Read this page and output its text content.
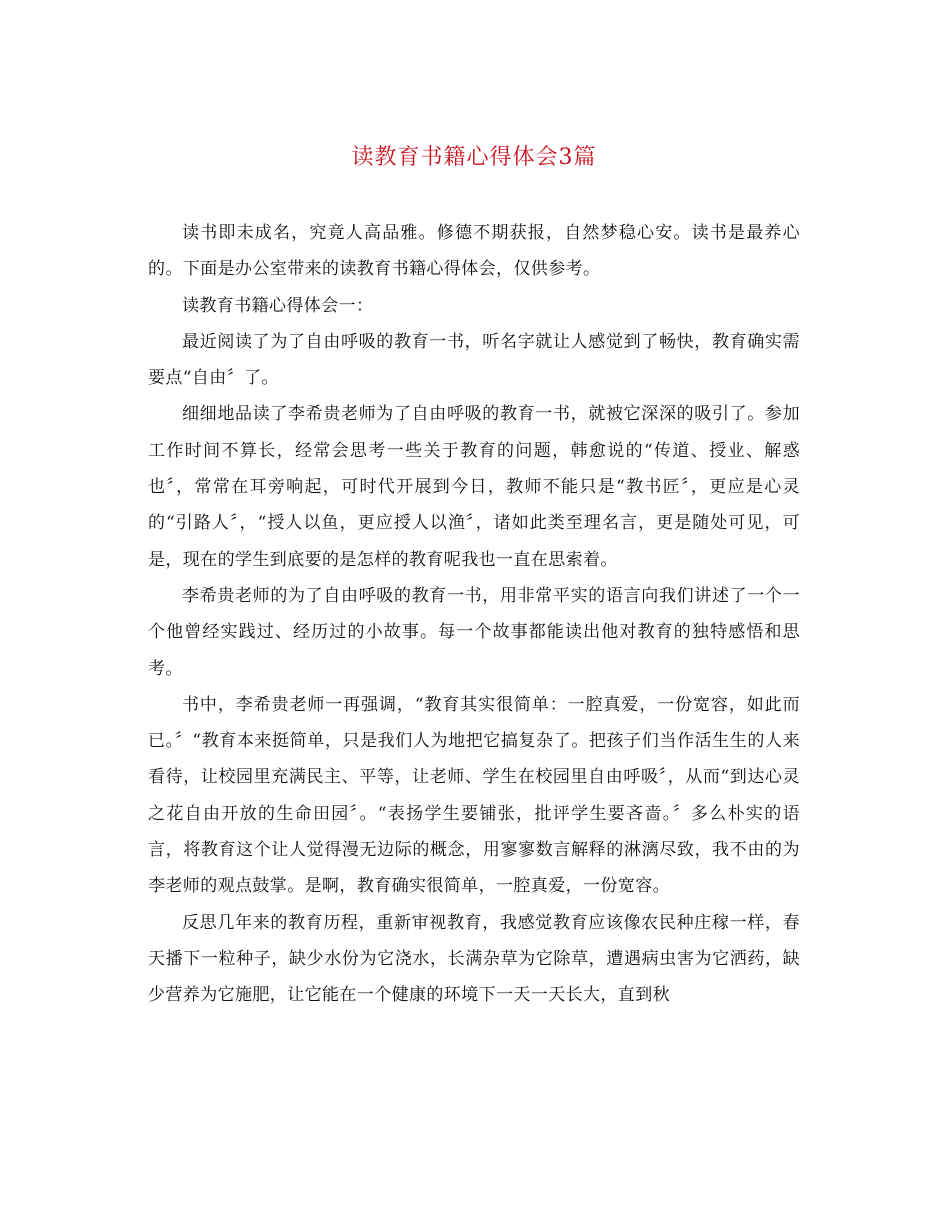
读教育书籍心得体会3篇

读书即未成名，究竟人高品雅。修德不期获报，自然梦稳心安。读书是最养心的。下面是办公室带来的读教育书籍心得体会，仅供参考。

读教育书籍心得体会一：

最近阅读了为了自由呼吸的教育一书，听名字就让人感觉到了畅快，教育确实需要点“自由〞了。

细细地品读了李希贵老师为了自由呼吸的教育一书，就被它深深的吸引了。参加工作时间不算长，经常会思考一些关于教育的问题，韩愈说的“传道、授业、解惑也〞，常常在耳旁响起，可时代开展到今日，教师不能只是“教书匠〞，更应是心灵的“引路人〞，“授人以鱼，更应授人以渔〞，诸如此类至理名言，更是随处可见，可是，现在的学生到底要的是怎样的教育呢我也一直在思索着。

李希贵老师的为了自由呼吸的教育一书，用非常平实的语言向我们讲述了一个一个他曾经实践过、经历过的小故事。每一个故事都能读出他对教育的独特感悟和思考。

书中，李希贵老师一再强调，“教育其实很简单：一腔真爱，一份宽容，如此而已。〞“教育本来挺简单，只是我们人为地把它搞复杂了。把孩子们当作活生生的人来看待，让校园里充满民主、平等，让老师、学生在校园里自由呼吸〞，从而“到达心灵之花自由开放的生命田园〞。“表扬学生要铺张，批评学生要吝啬。〞多么朴实的语言，将教育这个让人觉得漫无边际的概念，用寥寥数言解释的淋漓尽致，我不由的为李老师的观点鼓掌。是啊，教育确实很简单，一腔真爱，一份宽容。

反思几年来的教育历程，重新审视教育，我感觉教育应该像农民种庄稼一样，春天播下一粒种子，缺少水份为它浇水，长满杂草为它除草，遭遇病虫害为它洒药，缺少营养为它施肥，让它能在一个健康的环境下一天一天长大，直到秋
